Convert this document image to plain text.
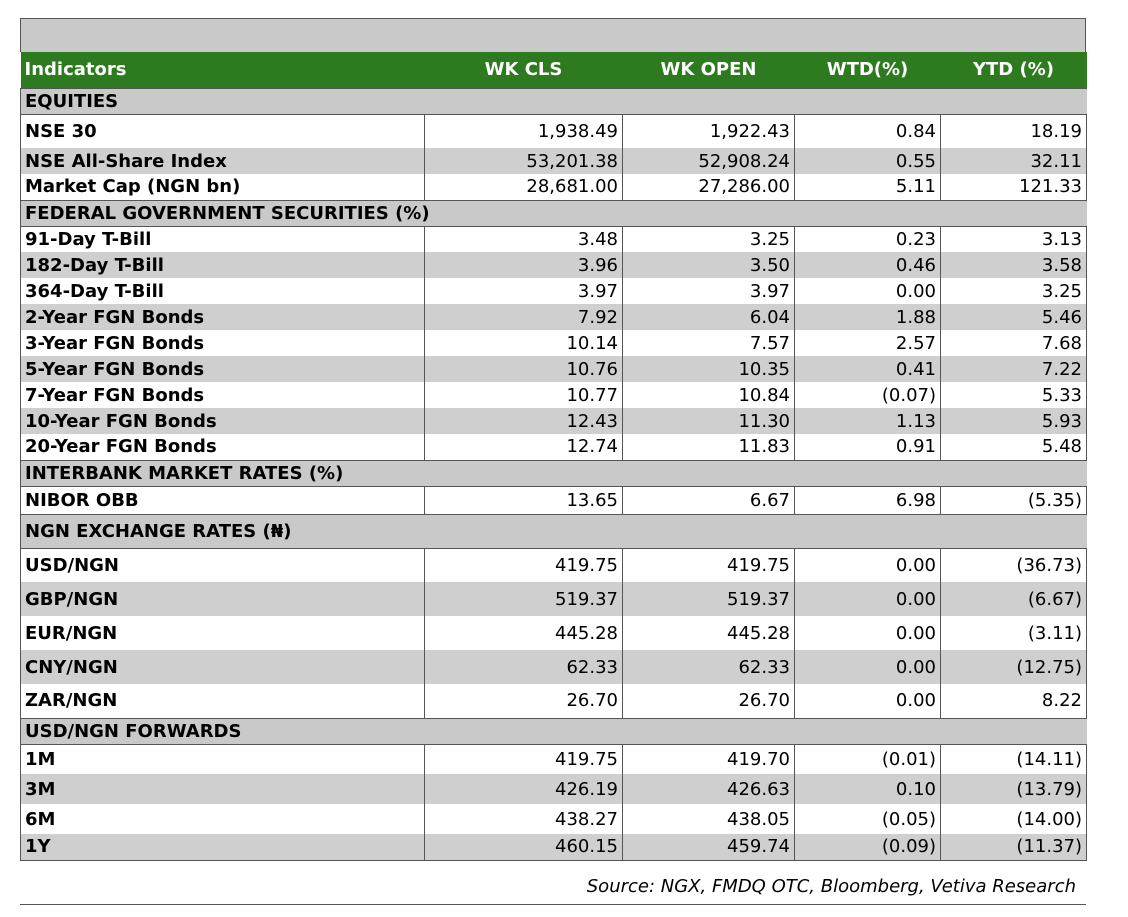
Indicators	WK CLS	WK OPEN	WTD(%)	YTD (%)
EQUITIES				
NSE 30	1,938.49	1,922.43	0.84	18.19
NSE All-Share Index	53,201.38	52,908.24	0.55	32.11
Market Cap (NGN bn)	28,681.00	27,286.00	5.11	121.33
FEDERAL GOVERNMENT SECURITIES (%)				
91-Day T-Bill	3.48	3.25	0.23	3.13
182-Day T-Bill	3.96	3.50	0.46	3.58
364-Day T-Bill	3.97	3.97	0.00	3.25
2-Year FGN Bonds	7.92	6.04	1.88	5.46
3-Year FGN Bonds	10.14	7.57	2.57	7.68
5-Year FGN Bonds	10.76	10.35	0.41	7.22
7-Year FGN Bonds	10.77	10.84	(0.07)	5.33
10-Year FGN Bonds	12.43	11.30	1.13	5.93
20-Year FGN Bonds	12.74	11.83	0.91	5.48
INTERBANK MARKET RATES (%)				
NIBOR OBB	13.65	6.67	6.98	(5.35)
NGN EXCHANGE RATES (₦)				
USD/NGN	419.75	419.75	0.00	(36.73)
GBP/NGN	519.37	519.37	0.00	(6.67)
EUR/NGN	445.28	445.28	0.00	(3.11)
CNY/NGN	62.33	62.33	0.00	(12.75)
ZAR/NGN	26.70	26.70	0.00	8.22
USD/NGN FORWARDS				
1M	419.75	419.70	(0.01)	(14.11)
3M	426.19	426.63	0.10	(13.79)
6M	438.27	438.05	(0.05)	(14.00)
1Y	460.15	459.74	(0.09)	(11.37)
Source: NGX, FMDQ OTC, Bloomberg, Vetiva Research
